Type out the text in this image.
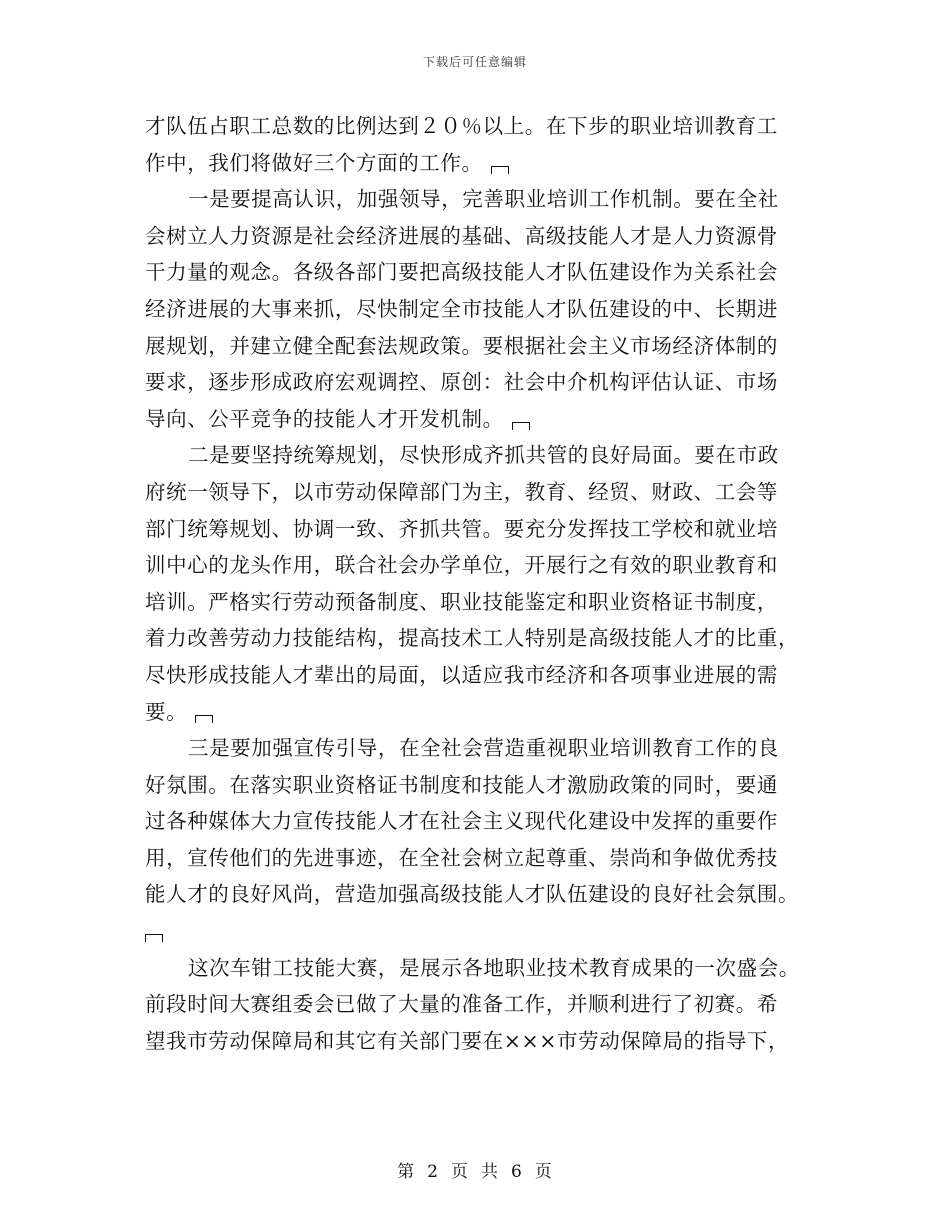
下载后可任意编辑
才队伍占职工总数的比例达到２０％以上。在下步的职业培训教育工
作中，我们将做好三个方面的工作。
一是要提高认识，加强领导，完善职业培训工作机制。要在全社
会树立人力资源是社会经济进展的基础、高级技能人才是人力资源骨
干力量的观念。各级各部门要把高级技能人才队伍建设作为关系社会
经济进展的大事来抓，尽快制定全市技能人才队伍建设的中、长期进
展规划，并建立健全配套法规政策。要根据社会主义市场经济体制的
要求，逐步形成政府宏观调控、原创：社会中介机构评估认证、市场
导向、公平竞争的技能人才开发机制。
二是要坚持统筹规划，尽快形成齐抓共管的良好局面。要在市政
府统一领导下，以市劳动保障部门为主，教育、经贸、财政、工会等
部门统筹规划、协调一致、齐抓共管。要充分发挥技工学校和就业培
训中心的龙头作用，联合社会办学单位，开展行之有效的职业教育和
培训。严格实行劳动预备制度、职业技能鉴定和职业资格证书制度，
着力改善劳动力技能结构，提高技术工人特别是高级技能人才的比重，
尽快形成技能人才辈出的局面，以适应我市经济和各项事业进展的需
要。
三是要加强宣传引导，在全社会营造重视职业培训教育工作的良
好氛围。在落实职业资格证书制度和技能人才激励政策的同时，要通
过各种媒体大力宣传技能人才在社会主义现代化建设中发挥的重要作
用，宣传他们的先进事迹，在全社会树立起尊重、崇尚和争做优秀技
能人才的良好风尚，营造加强高级技能人才队伍建设的良好社会氛围。
这次车钳工技能大赛，是展示各地职业技术教育成果的一次盛会。
前段时间大赛组委会已做了大量的准备工作，并顺利进行了初赛。希
望我市劳动保障局和其它有关部门要在×××市劳动保障局的指导下，
第 2 页 共 6 页
